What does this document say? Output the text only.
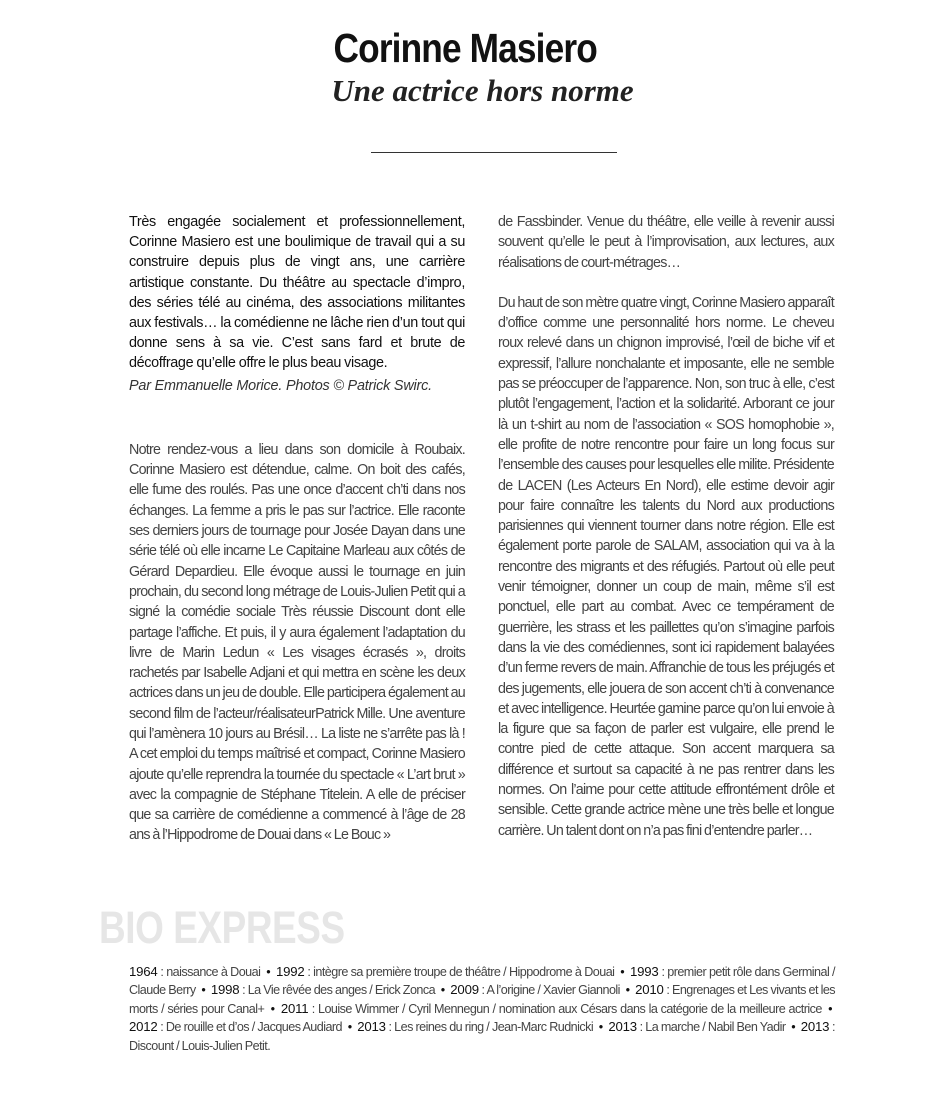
Corinne Masiero
Une actrice hors norme

Très engagée socialement et professionnellement, Corinne Masiero est une boulimique de travail qui a su construire depuis plus de vingt ans, une carrière artistique constante. Du théâtre au spectacle d’impro, des séries télé au cinéma, des associations militantes aux festivals… la comédienne ne lâche rien d’un tout qui donne sens à sa vie. C’est sans fard et brute de décoffrage qu’elle offre le plus beau visage.

Par Emmanuelle Morice. Photos © Patrick Swirc.

Notre rendez-vous a lieu dans son domicile à Roubaix. Corinne Masiero est détendue, calme. On boit des cafés, elle fume des roulés. Pas une once d’accent ch’ti dans nos échanges. La femme a pris le pas sur l’actrice. Elle raconte ses derniers jours de tournage pour Josée Dayan dans une série télé où elle incarne Le Capitaine Marleau aux côtés de Gérard Depardieu. Elle évoque aussi le tournage en juin prochain, du second long métrage de Louis-Julien Petit qui a signé la comédie sociale Très réussie Discount dont elle partage l’affiche. Et puis, il y aura également l’adaptation du livre de Marin Ledun « Les visages écrasés », droits rachetés par Isabelle Adjani et qui mettra en scène les deux actrices dans un jeu de double. Elle participera également au second film de l’acteur/réalisateurPatrick Mille. Une aventure qui l’amènera 10 jours au Brésil… La liste ne s’arrête pas là ! A cet emploi du temps maîtrisé et compact, Corinne Masiero ajoute qu’elle reprendra la tournée du spectacle « L’art brut » avec la compagnie de Stéphane Titelein. A elle de préciser que sa carrière de comédienne a commencé à l’âge de 28 ans à l’Hippodrome de Douai dans « Le Bouc »

de Fassbinder. Venue du théâtre, elle veille à revenir aussi souvent qu’elle le peut à l’improvisation, aux lectures, aux réalisations de court-métrages…

Du haut de son mètre quatre vingt, Corinne Masiero apparaît d’office comme une personnalité hors norme. Le cheveu roux relevé dans un chignon improvisé, l’œil de biche vif et expressif, l’allure nonchalante et imposante, elle ne semble pas se préoccuper de l’apparence. Non, son truc à elle, c’est plutôt l’engagement, l’action et la solidarité. Arborant ce jour là un t-shirt au nom de l’association « SOS homophobie », elle profite de notre rencontre pour faire un long focus sur l’ensemble des causes pour lesquelles elle milite. Présidente de LACEN (Les Acteurs En Nord), elle estime devoir agir pour faire connaître les talents du Nord aux productions parisiennes qui viennent tourner dans notre région. Elle est également porte parole de SALAM, association qui va à la rencontre des migrants et des réfugiés. Partout où elle peut venir témoigner, donner un coup de main, même s’il est ponctuel, elle part au combat. Avec ce tempérament de guerrière, les strass et les paillettes qu’on s’imagine parfois dans la vie des comédiennes, sont ici rapidement balayées d’un ferme revers de main. Affranchie de tous les préjugés et des jugements, elle jouera de son accent ch’ti à convenance et avec intelligence. Heurtée gamine parce qu’on lui envoie à la figure que sa façon de parler est vulgaire, elle prend le contre pied de cette attaque. Son accent marquera sa différence et surtout sa capacité à ne pas rentrer dans les normes. On l’aime pour cette attitude effrontément drôle et sensible. Cette grande actrice mène une très belle et longue carrière. Un talent dont on n’a pas fini d’entendre parler…

BIO EXPRESS

1964 : naissance à Douai • 1992 : intègre sa première troupe de théâtre / Hippodrome à Douai • 1993 : premier petit rôle dans Germinal / Claude Berry • 1998 : La Vie rêvée des anges / Erick Zonca • 2009 : A l’origine / Xavier Giannoli • 2010 : Engrenages et Les vivants et les morts / séries pour Canal+ • 2011 : Louise Wimmer / Cyril Mennegun / nomination aux Césars dans la catégorie de la meilleure actrice • 2012 : De rouille et d’os / Jacques Audiard • 2013 : Les reines du ring / Jean-Marc Rudnicki • 2013 : La marche / Nabil Ben Yadir • 2013 : Discount / Louis-Julien Petit.
